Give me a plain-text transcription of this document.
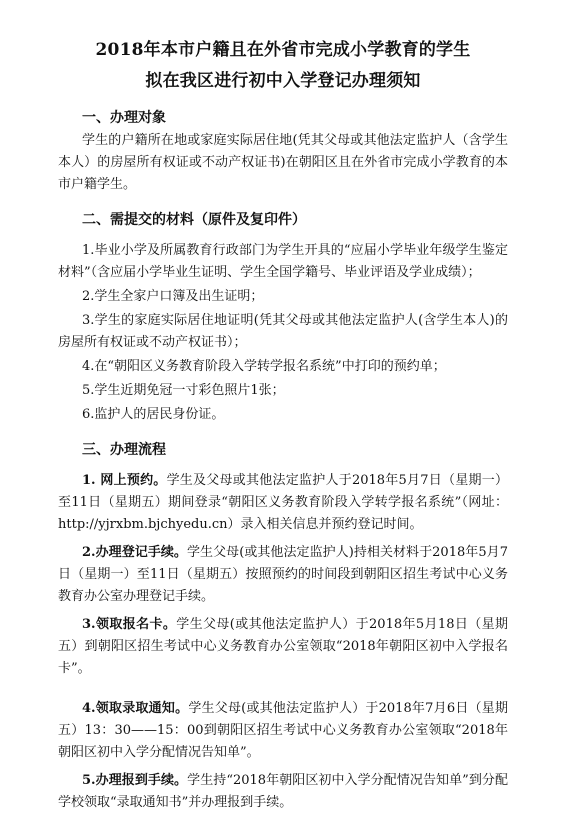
2018年本市户籍且在外省市完成小学教育的学生
拟在我区进行初中入学登记办理须知
一、办理对象

学生的户籍所在地或家庭实际居住地(凭其父母或其他法定监护人（含学生本人）的房屋所有权证或不动产权证书)在朝阳区且在外省市完成小学教育的本市户籍学生。

二、需提交的材料（原件及复印件）

1.毕业小学及所属教育行政部门为学生开具的“应届小学毕业年级学生鉴定材料”（含应届小学毕业生证明、学生全国学籍号、毕业评语及学业成绩）；

2.学生全家户口簿及出生证明；

3.学生的家庭实际居住地证明(凭其父母或其他法定监护人(含学生本人)的房屋所有权证或不动产权证书）；

4.在“朝阳区义务教育阶段入学转学报名系统”中打印的预约单；

5.学生近期免冠一寸彩色照片1张；

6.监护人的居民身份证。

三、办理流程

1. 网上预约。学生及父母或其他法定监护人于2018年5月7日（星期一）至11日（星期五）期间登录“朝阳区义务教育阶段入学转学报名系统”（网址：http://yjrxbm.bjchyedu.cn）录入相关信息并预约登记时间。

2.办理登记手续。学生父母(或其他法定监护人)持相关材料于2018年5月7日（星期一）至11日（星期五）按照预约的时间段到朝阳区招生考试中心义务教育办公室办理登记手续。

3.领取报名卡。学生父母(或其他法定监护人）于2018年5月18日（星期五）到朝阳区招生考试中心义务教育办公室领取“2018年朝阳区初中入学报名卡”。

4.领取录取通知。学生父母(或其他法定监护人）于2018年7月6日（星期五）13：30——15：00到朝阳区招生考试中心义务教育办公室领取“2018年朝阳区初中入学分配情况告知单”。

5.办理报到手续。学生持“2018年朝阳区初中入学分配情况告知单”到分配学校领取“录取通知书”并办理报到手续。
